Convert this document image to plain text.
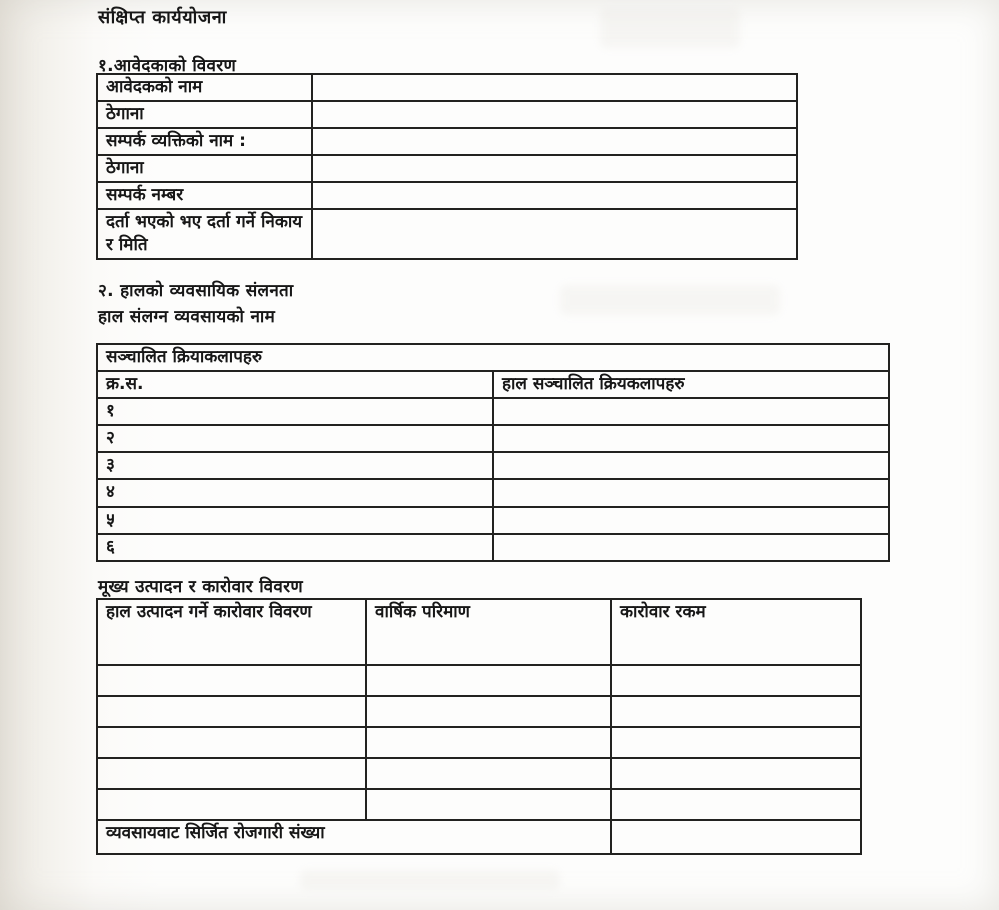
संक्षिप्त कार्ययोजना
१.आवेदकाको विवरण
आवेदकको नाम	
ठेगाना	
सम्पर्क व्यक्तिको नाम :	
ठेगाना	
सम्पर्क नम्बर	
दर्ता भएको भए दर्ता गर्ने निकाय र मिति	
२. हालको व्यवसायिक संलनता
हाल संलग्न व्यवसायको नाम
सञ्चालित क्रियाकलापहरु	
क्र.स.	हाल सञ्चालित क्रियकलापहरु
१	
२	
३	
४	
५	
६	
मूख्य उत्पादन र कारोवार विवरण
हाल उत्पादन गर्ने कारोवार विवरण	वार्षिक परिमाण	कारोवार रकम

व्यवसायवाट सिर्जित रोजगारी संख्या		
